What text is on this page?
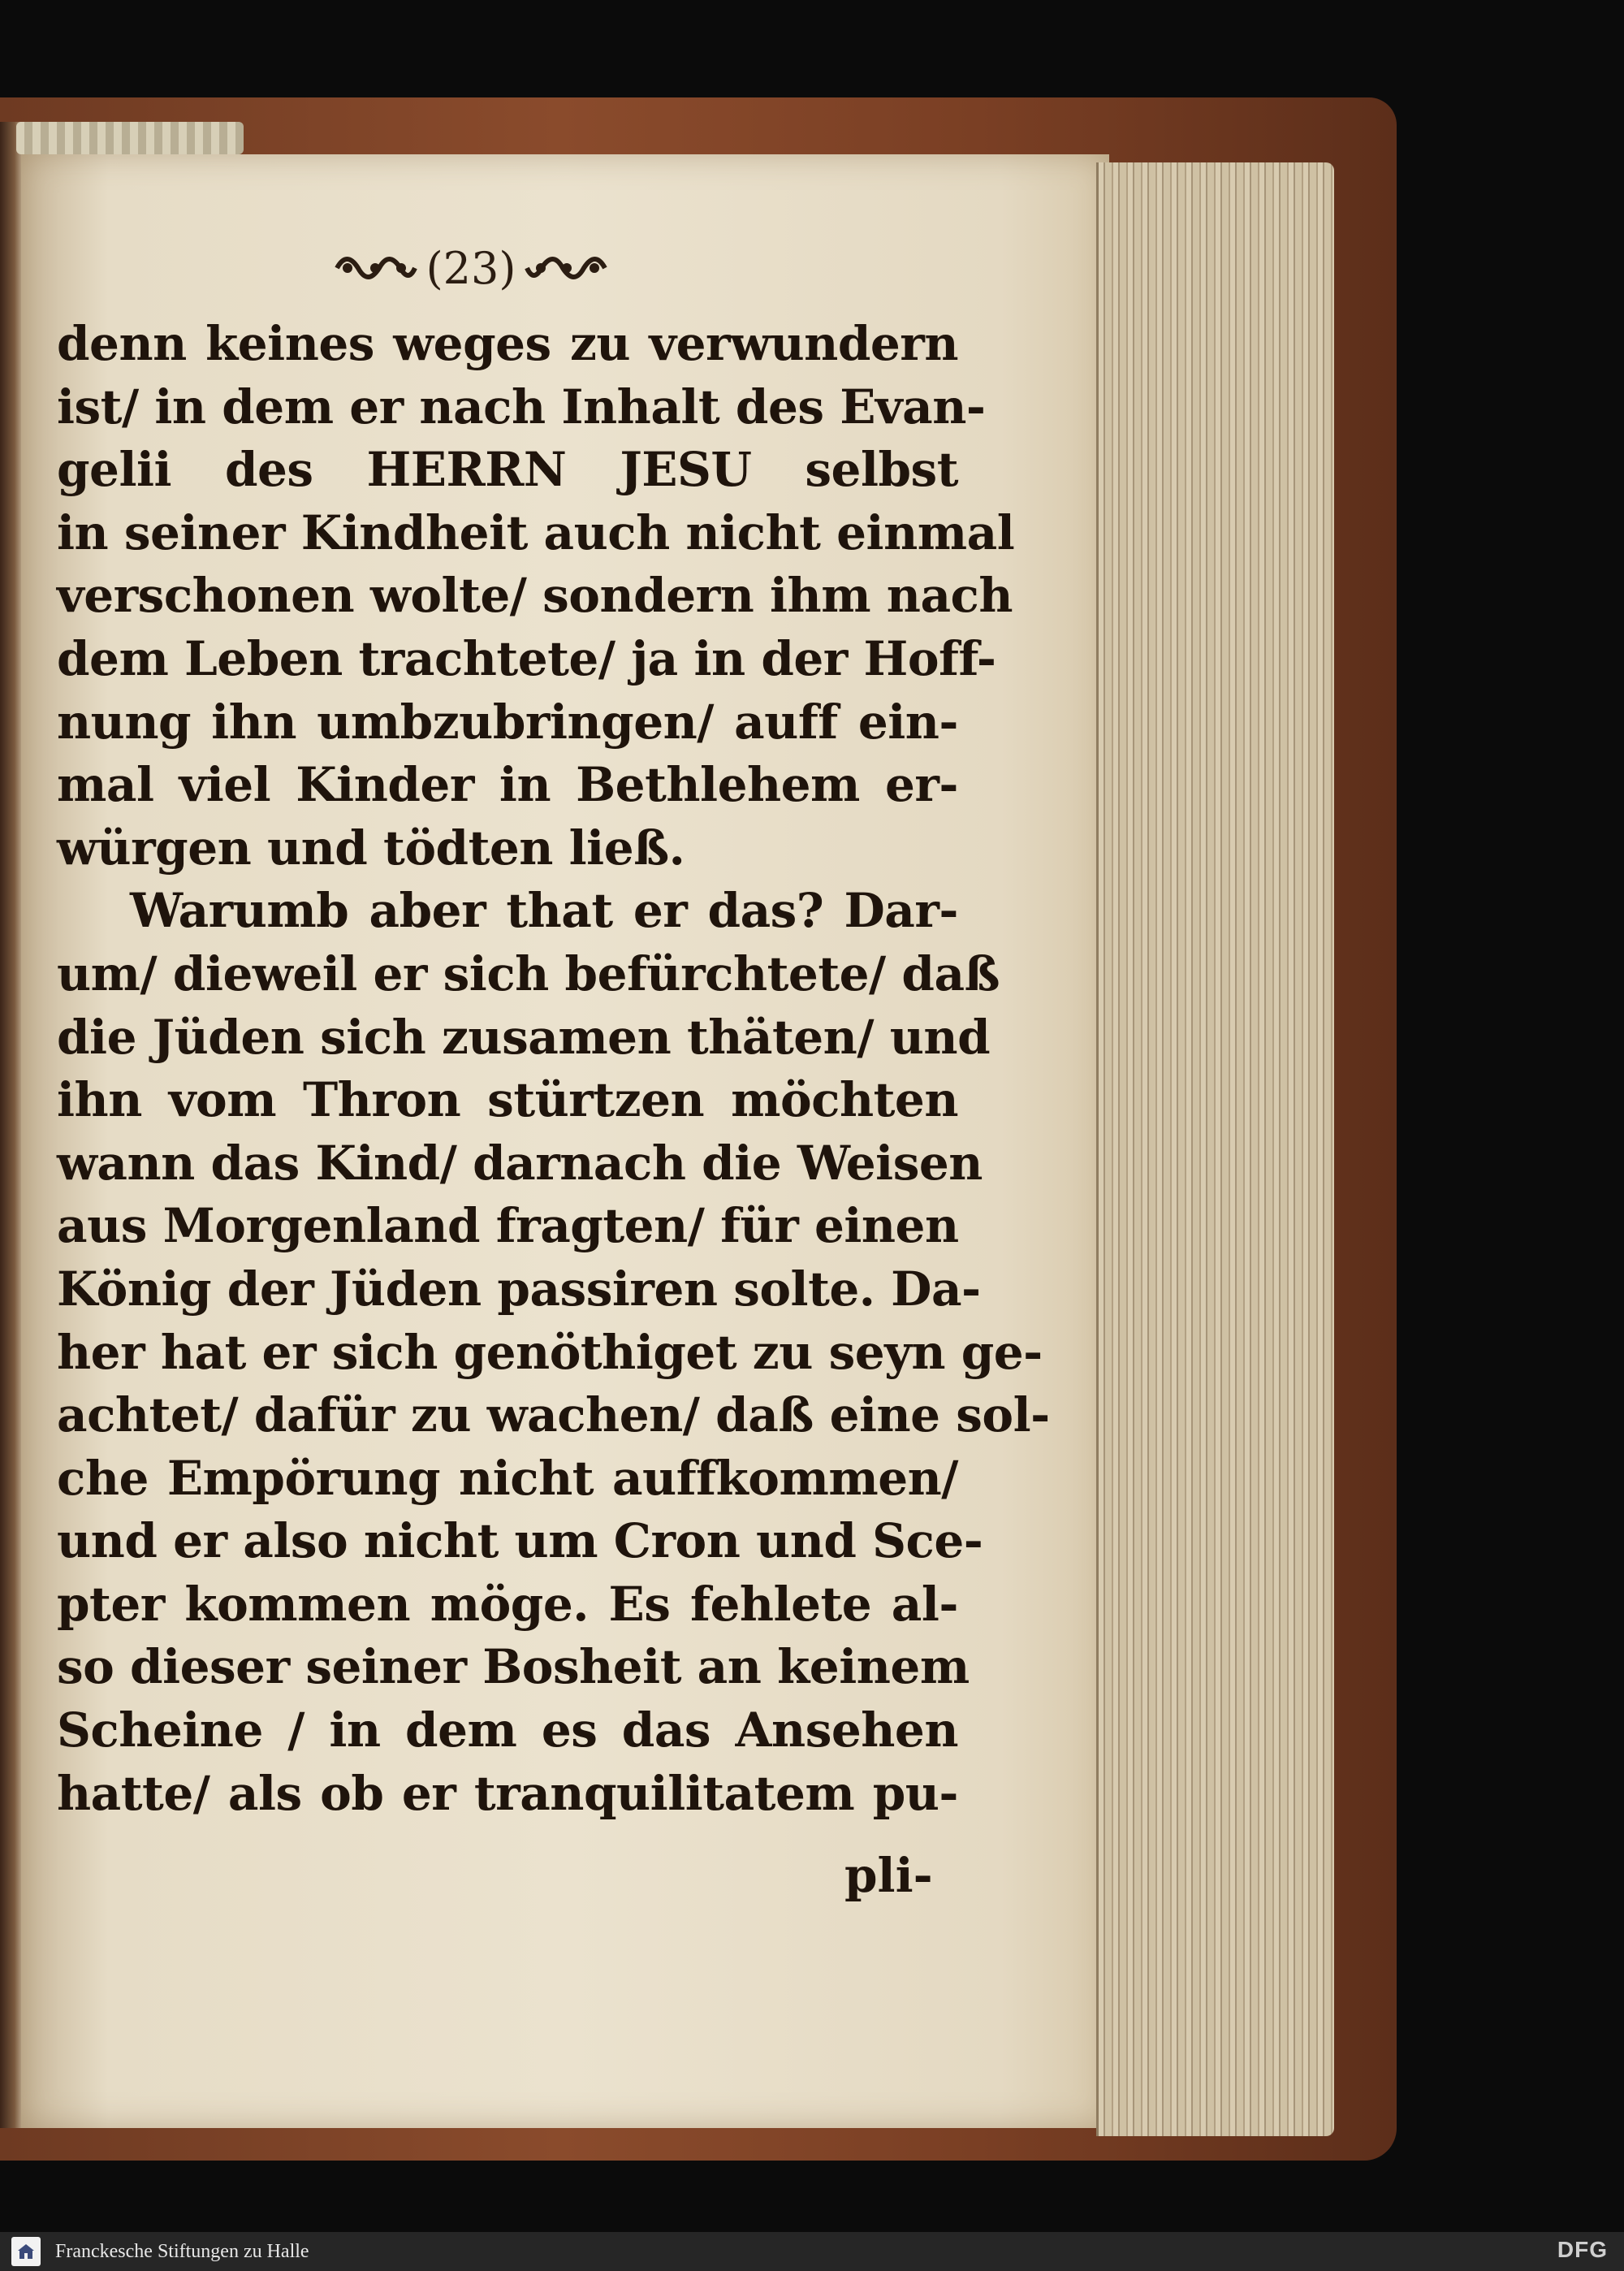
(23)
denn keines weges zu verwundern
ist/ in dem er nach Inhalt des Evan-
gelii des HERRN JESU selbst
in seiner Kindheit auch nicht einmal
verschonen wolte/ sondern ihm nach
dem Leben trachtete/ ja in der Hoff-
nung ihn umbzubringen/ auff ein-
mal viel Kinder in Bethlehem er-
würgen und tödten ließ.
Warumb aber that er das? Dar-
um/ dieweil er sich befürchtete/ daß
die Jüden sich zusamen thäten/ und
ihn vom Thron stürtzen möchten
wann das Kind/ darnach die Weisen
aus Morgenland fragten/ für einen
König der Jüden passiren solte. Da-
her hat er sich genöthiget zu seyn ge-
achtet/ dafür zu wachen/ daß eine sol-
che Empörung nicht auffkommen/
und er also nicht um Cron und Sce-
pter kommen möge. Es fehlete al-
so dieser seiner Bosheit an keinem
Scheine / in dem es das Ansehen
hatte/ als ob er tranquilitatem pu-
pli-
Franckesche Stiftungen zu Halle	DFG
